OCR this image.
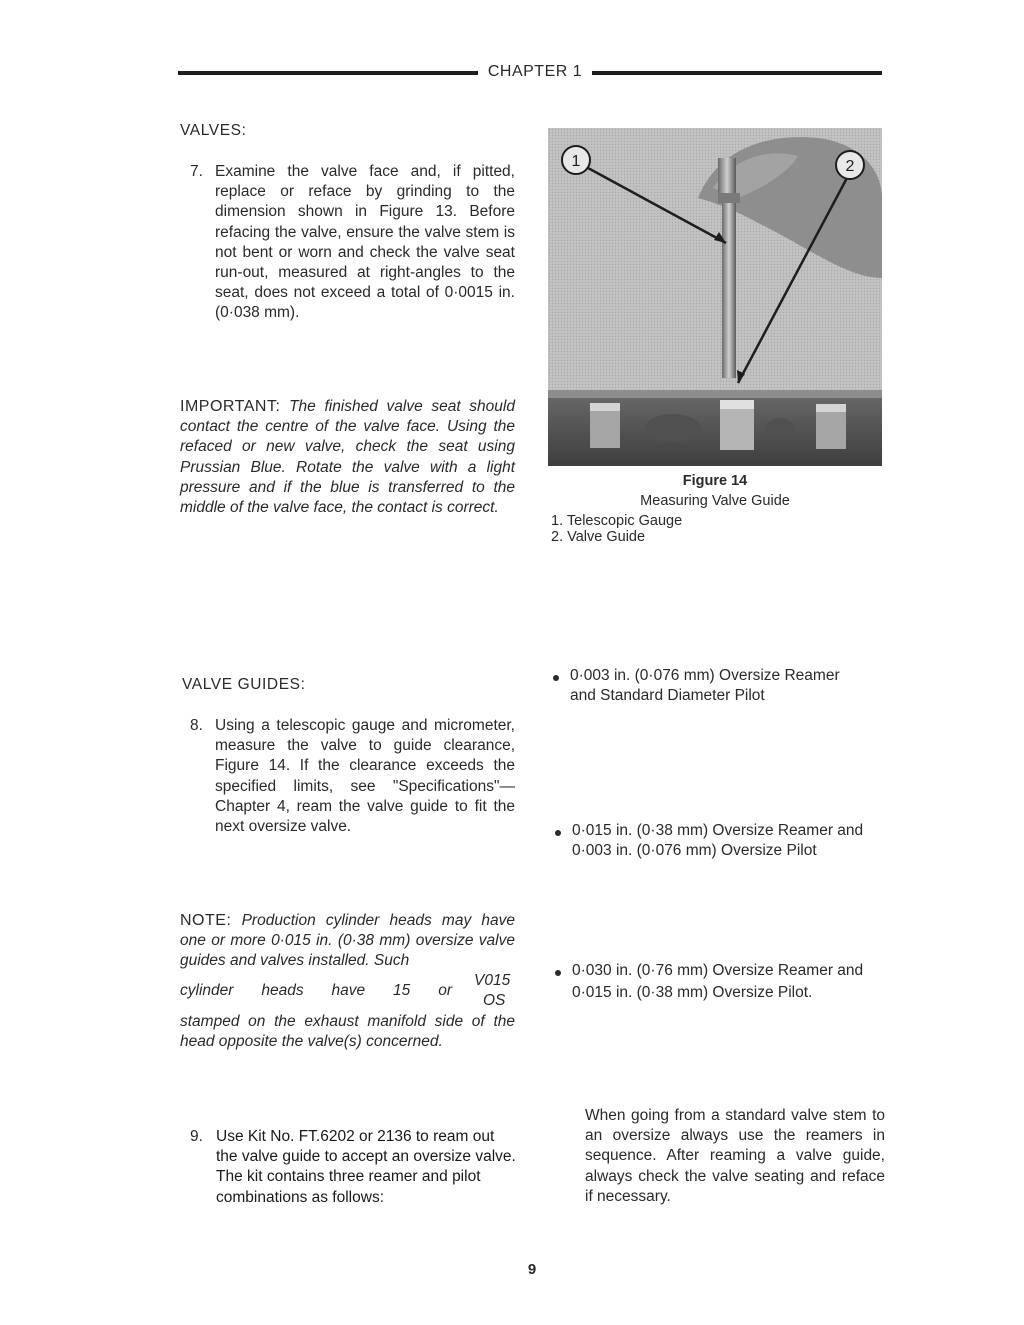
CHAPTER 1
VALVES:
7. Examine the valve face and, if pitted, replace or reface by grinding to the dimension shown in Figure 13. Before refacing the valve, ensure the valve stem is not bent or worn and check the valve seat run-out, measured at right-angles to the seat, does not exceed a total of 0·0015 in. (0·038 mm).
IMPORTANT: The finished valve seat should contact the centre of the valve face. Using the refaced or new valve, check the seat using Prussian Blue. Rotate the valve with a light pressure and if the blue is transferred to the middle of the valve face, the contact is correct.
1	2
Figure 14
Measuring Valve Guide
1. Telescopic Gauge
2. Valve Guide
VALVE GUIDES:
8. Using a telescopic gauge and micrometer, measure the valve to guide clearance, Figure 14. If the clearance exceeds the specified limits, see "Specifications"—Chapter 4, ream the valve guide to fit the next oversize valve.
NOTE: Production cylinder heads may have one or more 0·015 in. (0·38 mm) oversize valve guides and valves installed. Such
cylinder heads have 15 or
V015
OS
stamped on the exhaust manifold side of the head opposite the valve(s) concerned.
9. Use Kit No. FT.6202 or 2136 to ream out the valve guide to accept an oversize valve. The kit contains three reamer and pilot combinations as follows:
0·003 in. (0·076 mm) Oversize Reamer
and Standard Diameter Pilot
0·015 in. (0·38 mm) Oversize Reamer and
0·003 in. (0·076 mm) Oversize Pilot
0·030 in. (0·76 mm) Oversize Reamer and
0·015 in. (0·38 mm) Oversize Pilot.
When going from a standard valve stem to an oversize always use the reamers in sequence. After reaming a valve guide, always check the valve seating and reface if necessary.
9
